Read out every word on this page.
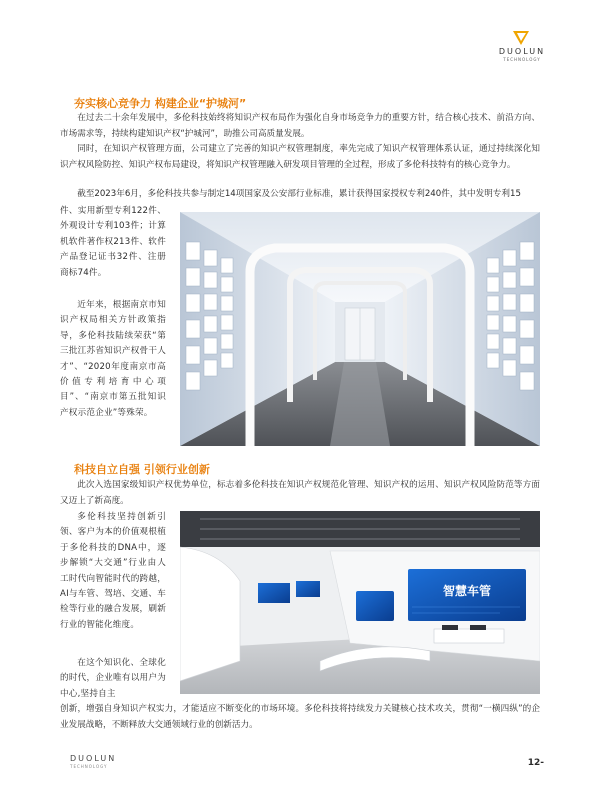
DUOLUN
TECHNOLOGY
夯实核心竞争力 构建企业“护城河”

在过去二十余年发展中，多伦科技始终将知识产权布局作为强化自身市场竞争力的重要方针，结合核心技术、前沿方向、市场需求等，持续构建知识产权“护城河”，助推公司高质量发展。

同时，在知识产权管理方面，公司建立了完善的知识产权管理制度，率先完成了知识产权管理体系认证，通过持续深化知识产权风险防控、知识产权布局建设，将知识产权管理融入研发项目管理的全过程，形成了多伦科技特有的核心竞争力。

截至2023年6月，多伦科技共参与制定14项国家及公安部行业标准，累计获得国家授权专利240件，其中发明专利15

件、实用新型专利122件、外观设计专利103件；计算机软件著作权213件、软件产品登记证书32件、注册商标74件。

近年来，根据南京市知识产权局相关方针政策指导，多伦科技陆续荣获“第三批江苏省知识产权骨干人才”、“2020年度南京市高价值专利培育中心项目”、“南京市第五批知识产权示范企业”等殊荣。

科技自立自强 引领行业创新

此次入选国家级知识产权优势单位，标志着多伦科技在知识产权规范化管理、知识产权的运用、知识产权风险防范等方面又迈上了新高度。

多伦科技坚持创新引领、客户为本的价值观根植于多伦科技的DNA中，逐步解锁“大交通”行业由人工时代向智能时代的跨越，AI与车管、驾培、交通、车检等行业的融合发展，刷新行业的智能化维度。

在这个知识化、全球化的时代，企业唯有以用户为中心,坚持自主

创新，增强自身知识产权实力，才能适应不断变化的市场环境。多伦科技将持续发力关键核心技术攻关，贯彻“一横四纵”的企业发展战略，不断释放大交通领域行业的创新活力。

智慧车管
DUOLUN
TECHNOLOGY	12-
